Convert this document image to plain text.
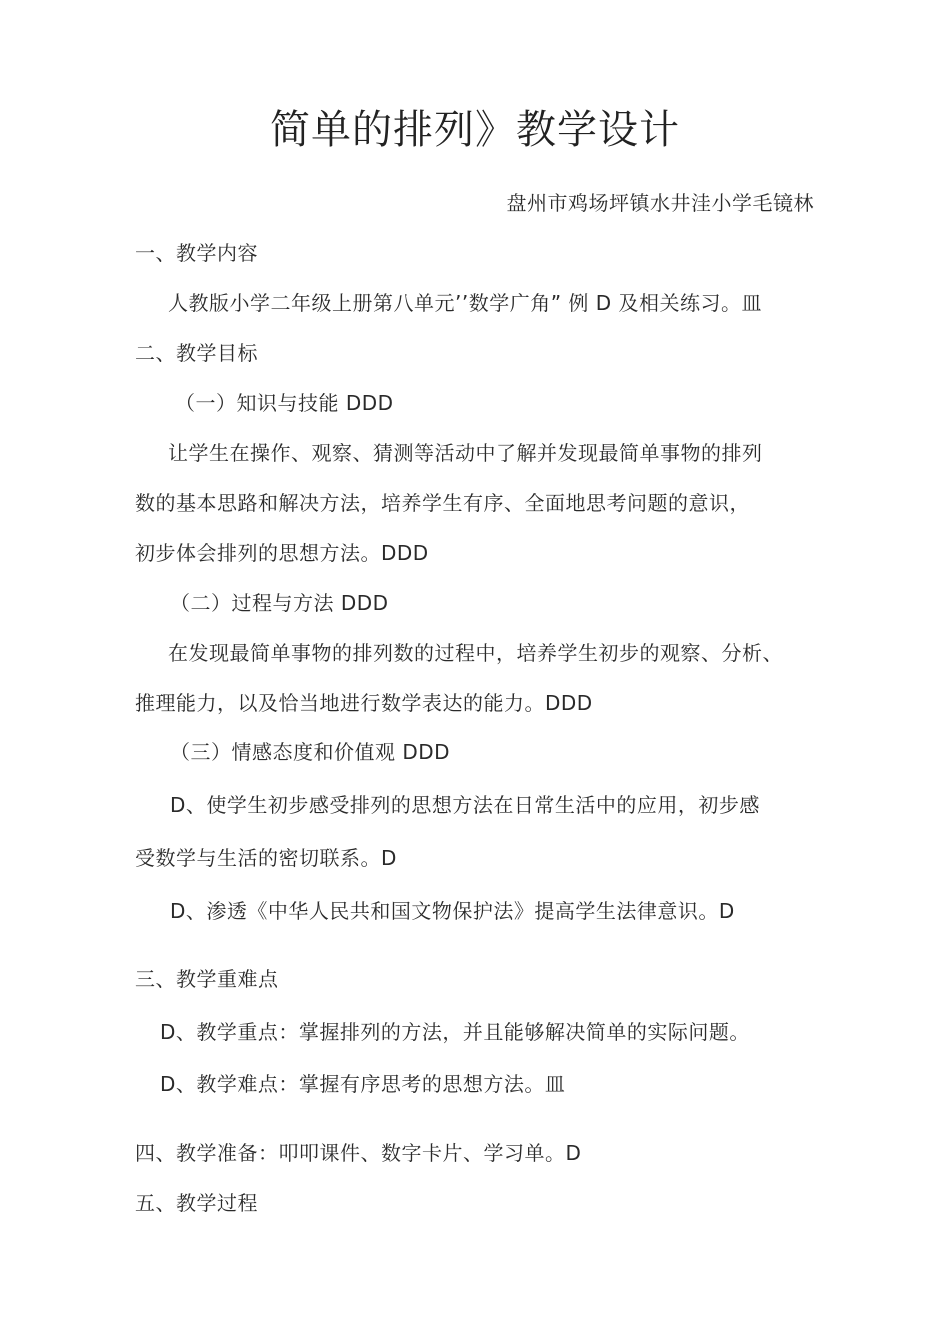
简单的排列》教学设计
盘州市鸡场坪镇水井洼小学毛镜林
一、教学内容
人教版小学二年级上册第八单元’’数学广角” 例 D 及相关练习。皿
二、教学目标
（一）知识与技能 DDD
让学生在操作、观察、猜测等活动中了解并发现最简单事物的排列
数的基本思路和解决方法，培养学生有序、全面地思考问题的意识，
初步体会排列的思想方法。DDD
（二）过程与方法 DDD
在发现最简单事物的排列数的过程中，培养学生初步的观察、分析、
推理能力，以及恰当地进行数学表达的能力。DDD
（三）情感态度和价值观 DDD
D、使学生初步感受排列的思想方法在日常生活中的应用，初步感
受数学与生活的密切联系。D
D、渗透《中华人民共和国文物保护法》提高学生法律意识。D
三、教学重难点
D、教学重点：掌握排列的方法，并且能够解决简单的实际问题。
D、教学难点：掌握有序思考的思想方法。皿
四、教学准备：叩叩课件、数字卡片、学习单。D
五、教学过程
